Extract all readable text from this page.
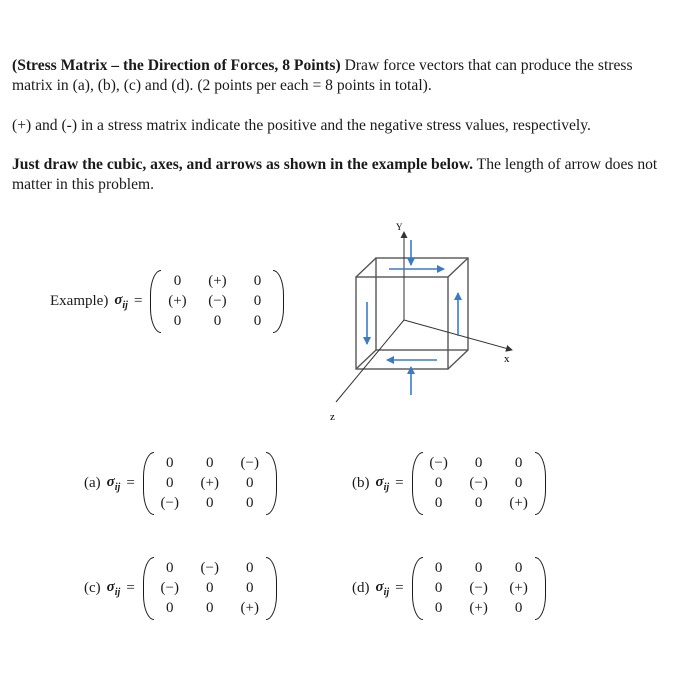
(Stress Matrix – the Direction of Forces, 8 Points) Draw force vectors that can produce the stress matrix in (a), (b), (c) and (d). (2 points per each = 8 points in total).
(+) and (-) in a stress matrix indicate the positive and the negative stress values, respectively.
Just draw the cubic, axes, and arrows as shown in the example below. The length of arrow does not matter in this problem.
Example) $\sigma_{ij}$ =
0	(+)	0
(+) (−)	0
0	0	0
(a) $\sigma_{ij}$ =
0	0	(−)
0	(+)	0
(−)	0	0
(b) $\sigma_{ij}$ =
(−)	0	0
0	(−)	0
0	0	(+)
(c) $\sigma_{ij}$ =
0	(−)	0
(−)	0	0
0	0	(+)
(d) $\sigma_{ij}$ =
0	0	0
0	(−) (+)
0	(+)	0
Y
x
z
